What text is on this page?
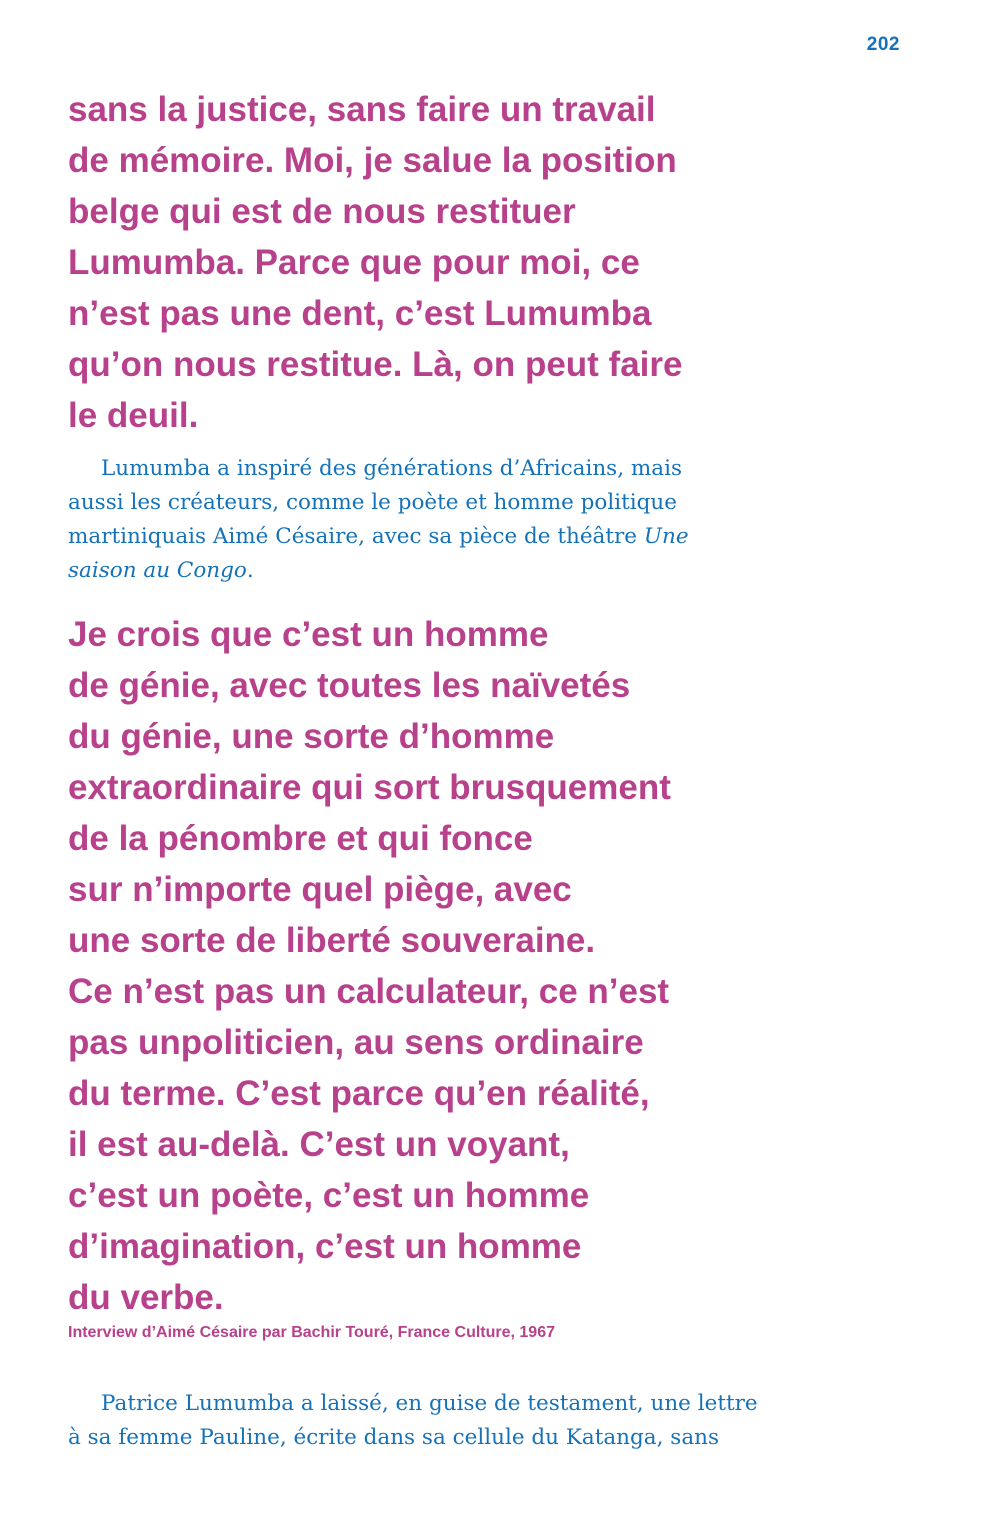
202
sans la justice, sans faire un travail
de mémoire. Moi, je salue la position
belge qui est de nous restituer
Lumumba. Parce que pour moi, ce
n’est pas une dent, c’est Lumumba
qu’on nous restitue. Là, on peut faire
le deuil.
Lumumba a inspiré des générations d’Africains, mais
aussi les créateurs, comme le poète et homme politique
martiniquais Aimé Césaire, avec sa pièce de théâtre Une
saison au Congo.
Je crois que c’est un homme
de génie, avec toutes les naïvetés
du génie, une sorte d’homme
extraordinaire qui sort brusquement
de la pénombre et qui fonce
sur n’importe quel piège, avec
une sorte de liberté souveraine.
Ce n’est pas un calculateur, ce n’est
pas unpoliticien, au sens ordinaire
du terme. C’est parce qu’en réalité,
il est au-delà. C’est un voyant,
c’est un poète, c’est un homme
d’imagination, c’est un homme
du verbe.
Interview d’Aimé Césaire par Bachir Touré, France Culture, 1967
Patrice Lumumba a laissé, en guise de testament, une lettre
à sa femme Pauline, écrite dans sa cellule du Katanga, sans
